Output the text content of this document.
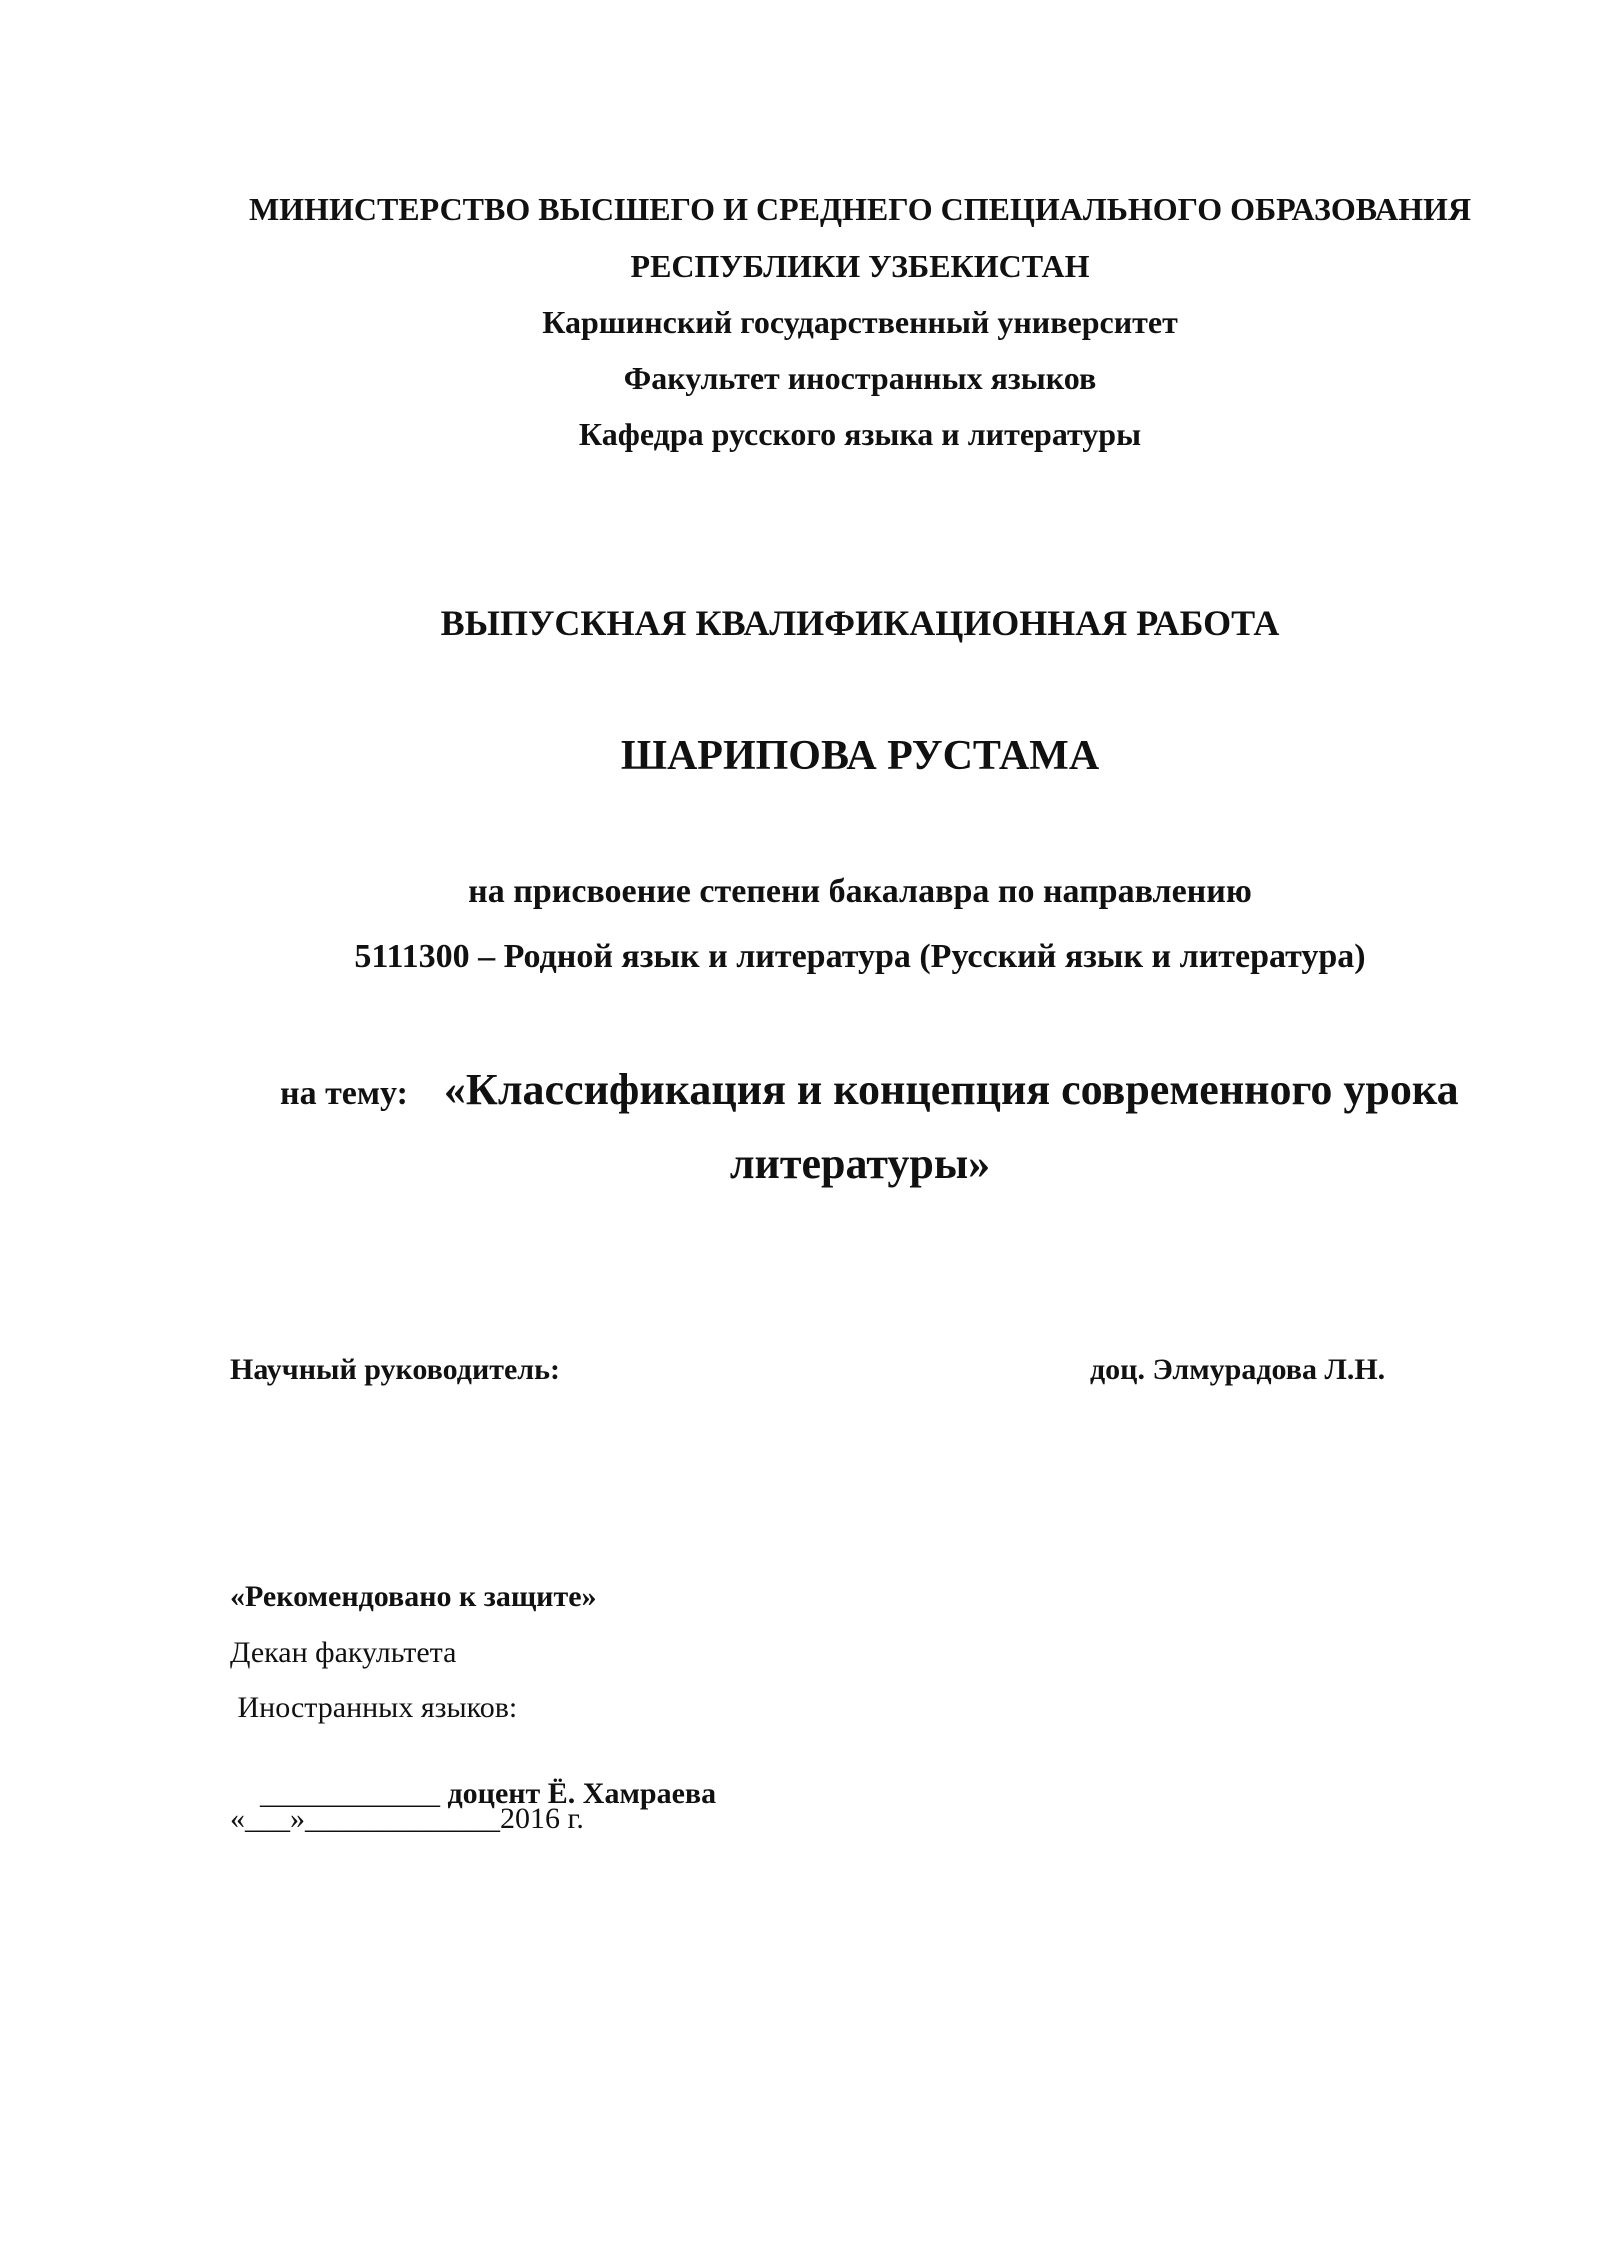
МИНИСТЕРСТВО ВЫСШЕГО И СРЕДНЕГО СПЕЦИАЛЬНОГО ОБРАЗОВАНИЯ
РЕСПУБЛИКИ УЗБЕКИСТАН
Каршинский государственный университет
Факультет иностранных языков
Кафедра русского языка и литературы
ВЫПУСКНАЯ КВАЛИФИКАЦИОННАЯ РАБОТА
ШАРИПОВА РУСТАМА
на присвоение степени бакалавра по направлению
5111300 – Родной язык и литература (Русский язык и литература)
на тему: «Классификация и концепция современного урока
литературы»
Научный руководитель:	доц. Элмурадова Л.Н.
«Рекомендовано к защите»
Декан факультета
Иностранных языков:

____________ доцент Ё. Хамраева

«___»_____________2016 г.
